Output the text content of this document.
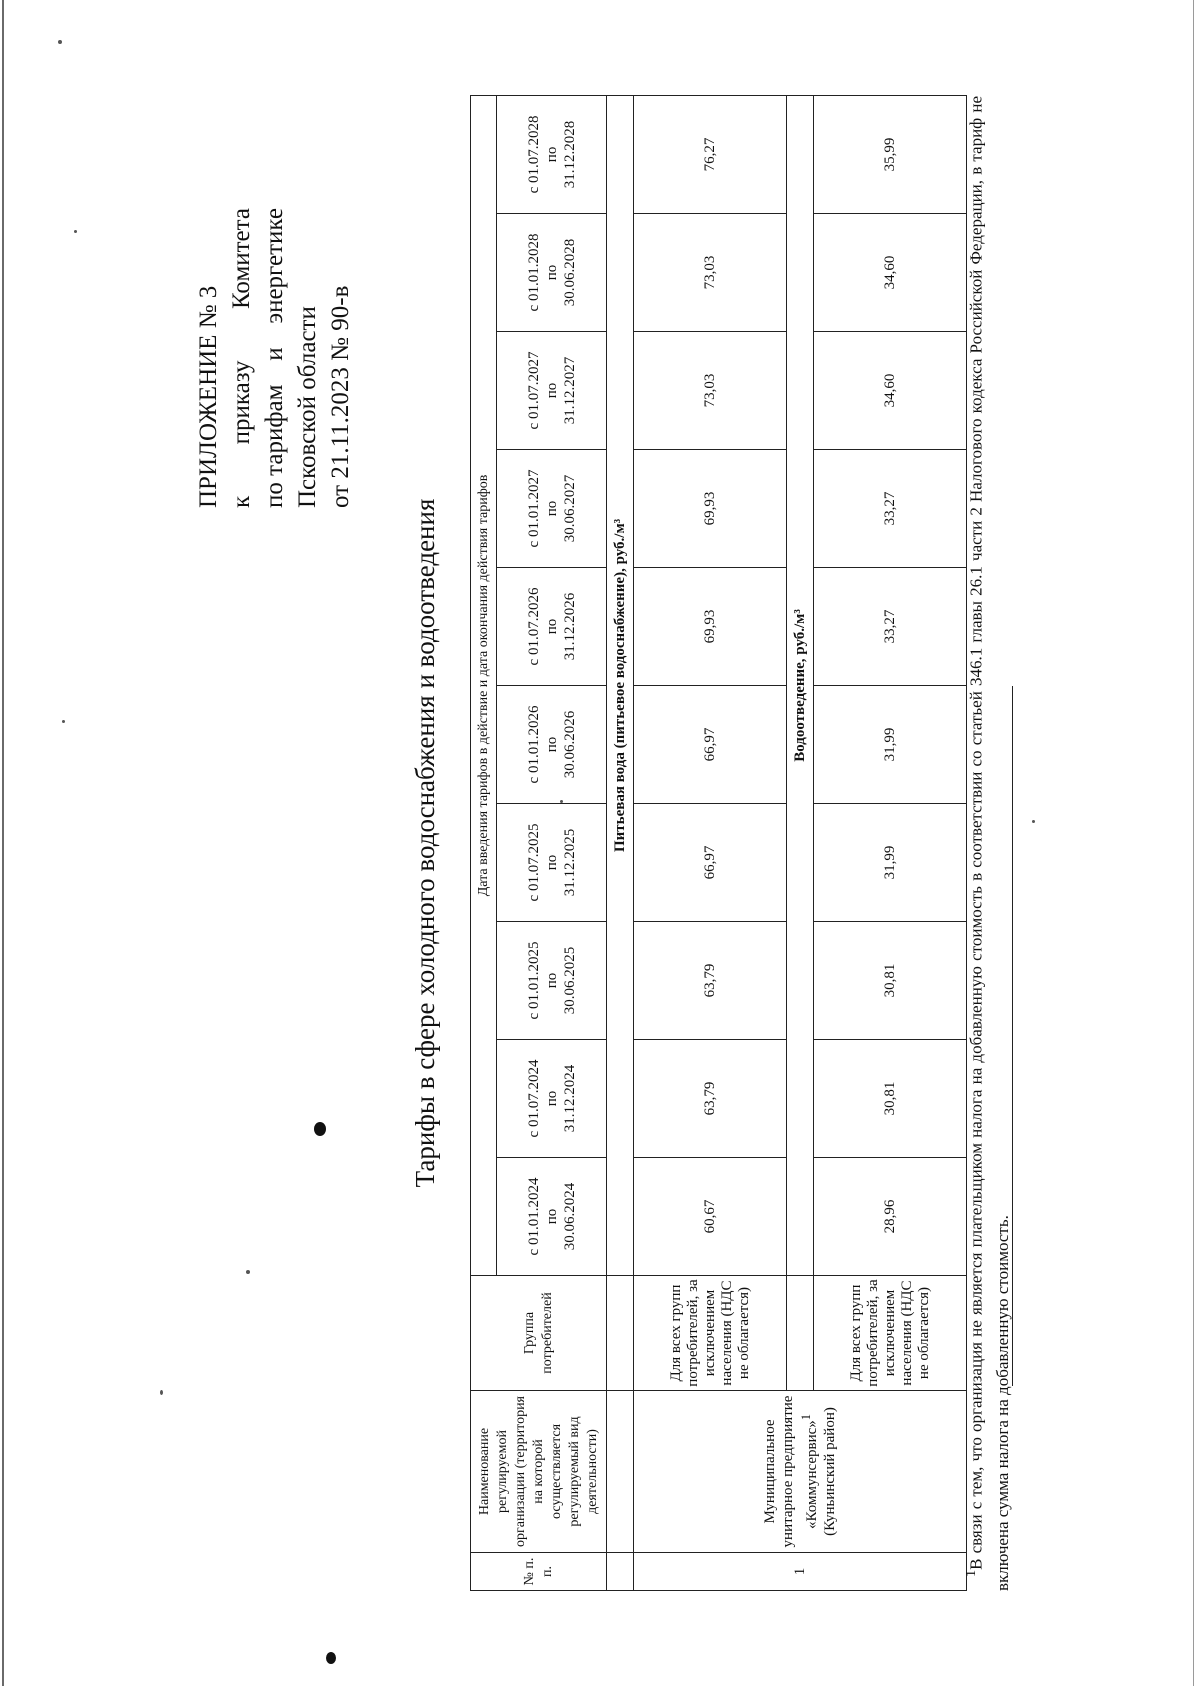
ПРИЛОЖЕНИЕ № 3 к
приказу
Комитета
по тарифам
и
энергетике
Псковской области от 21.11.2023 № 90-в
Тарифы в сфере холодного водоснабжения и водоотведения
№ п. п.	Наименование регулируемой организации (территория на которой осуществляется регулируемый вид деятельности)	Группа потребителей	Дата введения тарифов в действие и дата окончания действия тарифов									
			с 01.01.2024 по 30.06.2024	с 01.07.2024 по 31.12.2024	с 01.01.2025 по 30.06.2025	с 01.07.2025 по 31.12.2025	с 01.01.2026 по 30.06.2026	с 01.07.2026 по 31.12.2026	с 01.01.2027 по 30.06.2027	с 01.07.2027 по 31.12.2027	с 01.01.2028 по 30.06.2028	с 01.07.2028 по 31.12.2028
			Питьевая вода (питьевое водоснабжение), руб./м³									
1	Муниципальное унитарное предприятие «Коммунсервис»$^1$ (Куньинский район)	Для всех групп потребителей, за исключением населения (НДС не облагается)	60,67	63,79	63,79	66,97	66,97	69,93	69,93	73,03	73,03	76,27
			Водоотведение, руб./м³									
		Для всех групп потребителей, за исключением населения (НДС не облагается)	28,96	30,81	30,81	31,99	31,99	33,27	33,27	34,60	34,60	35,99
$^1$В связи с тем, что организация не является плательщиком налога на добавленную стоимость в соответствии со статьей 346.1 главы 26.1 части 2 Налогового кодекса Российской Федерации, в тариф не включена сумма налога на добавленную стоимость.
